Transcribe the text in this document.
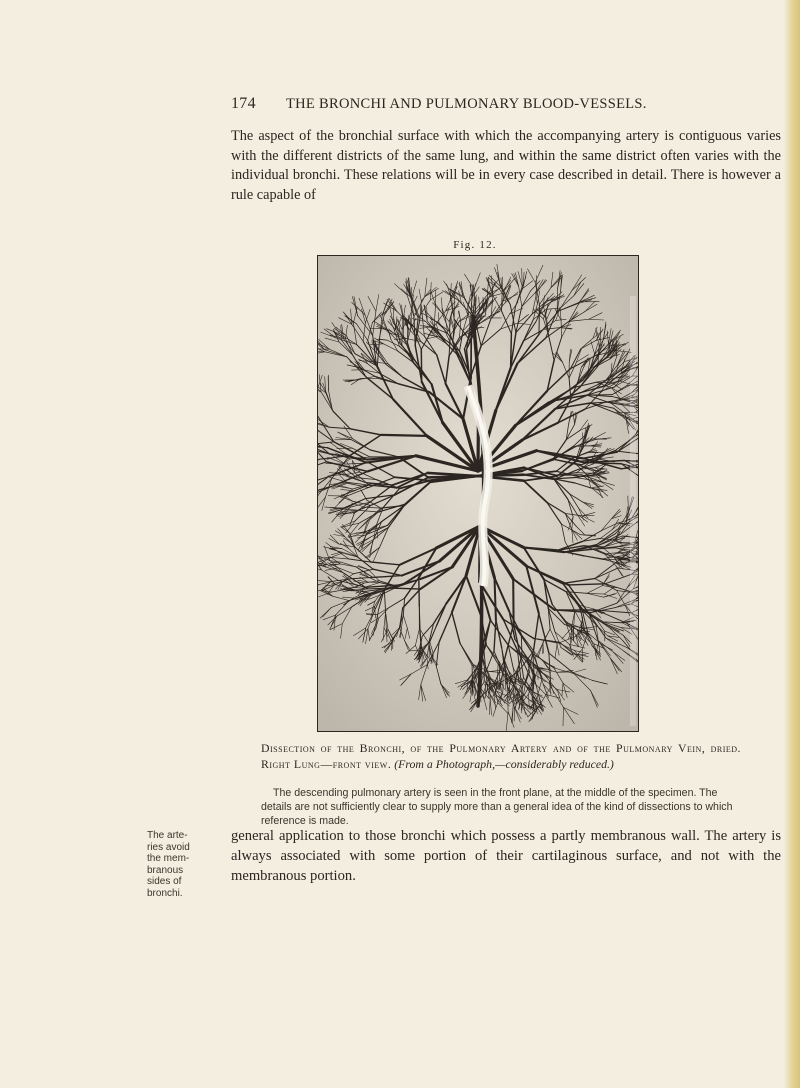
174 THE BRONCHI AND PULMONARY BLOOD-VESSELS.
The aspect of the bronchial surface with which the accompanying artery is contiguous varies with the different districts of the same lung, and within the same district often varies with the individual bronchi. These relations will be in every case described in detail. There is however a rule capable of
Fig. 12.
Dissection of the Bronchi, of the Pulmonary Artery and of the Pulmonary Vein, dried. Right Lung—front view. (From a Photograph,—considerably reduced.)
The descending pulmonary artery is seen in the front plane, at the middle of the specimen. The details are not sufficiently clear to supply more than a general idea of the kind of dissections to which reference is made.
The arte-
ries avoid
the mem-
branous
sides of
bronchi.
general application to those bronchi which possess a partly membranous wall. The artery is always associated with some portion of their cartilaginous surface, and not with the membranous portion.
